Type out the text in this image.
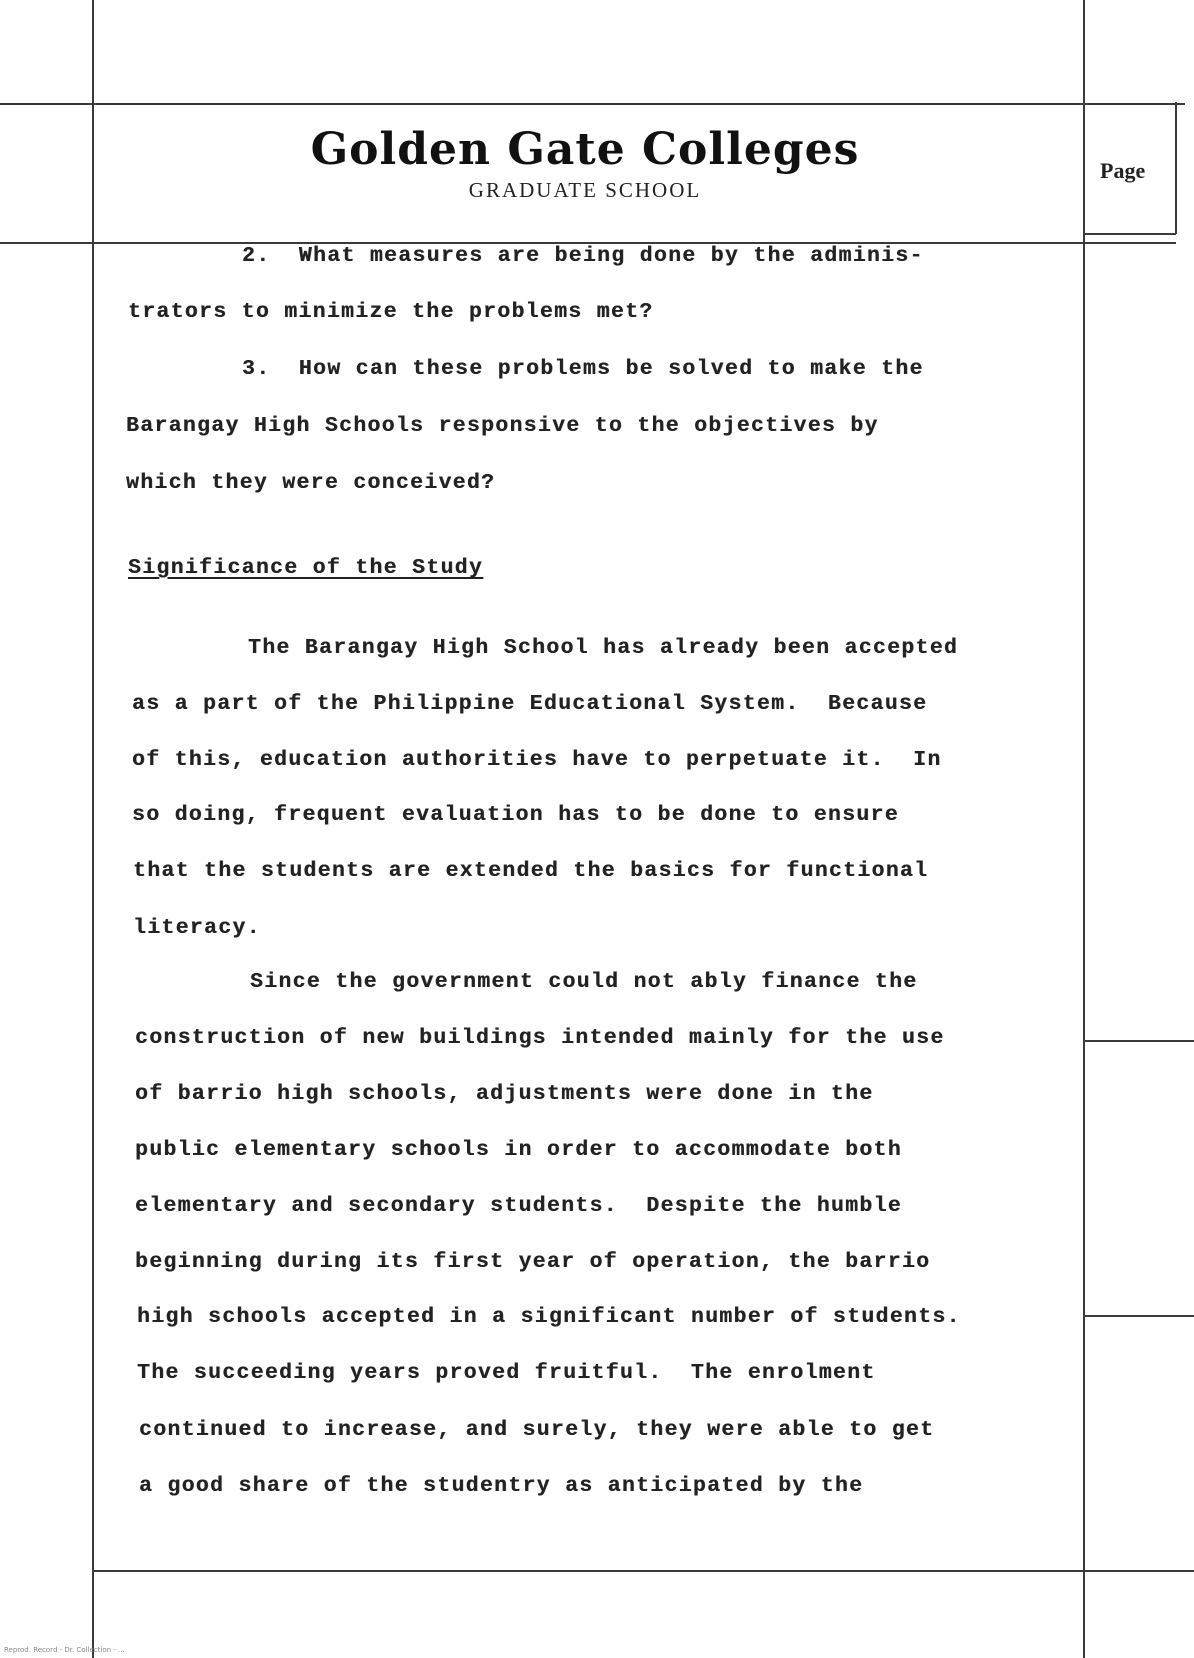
Golden Gate Colleges
GRADUATE SCHOOL
Page
2.  What measures are being done by the adminis-
trators to minimize the problems met?
3.  How can these problems be solved to make the
Barangay High Schools responsive to the objectives by
which they were conceived?
Significance of the Study
The Barangay High School has already been accepted
as a part of the Philippine Educational System.  Because
of this, education authorities have to perpetuate it.  In
so doing, frequent evaluation has to be done to ensure
that the students are extended the basics for functional
literacy.
Since the government could not ably finance the
construction of new buildings intended mainly for the use
of barrio high schools, adjustments were done in the
public elementary schools in order to accommodate both
elementary and secondary students.  Despite the humble
beginning during its first year of operation, the barrio
high schools accepted in a significant number of students.
The succeeding years proved fruitful.  The enrolment
continued to increase, and surely, they were able to get
a good share of the studentry as anticipated by the
Reprod. Record - Dr. Collection - ...
